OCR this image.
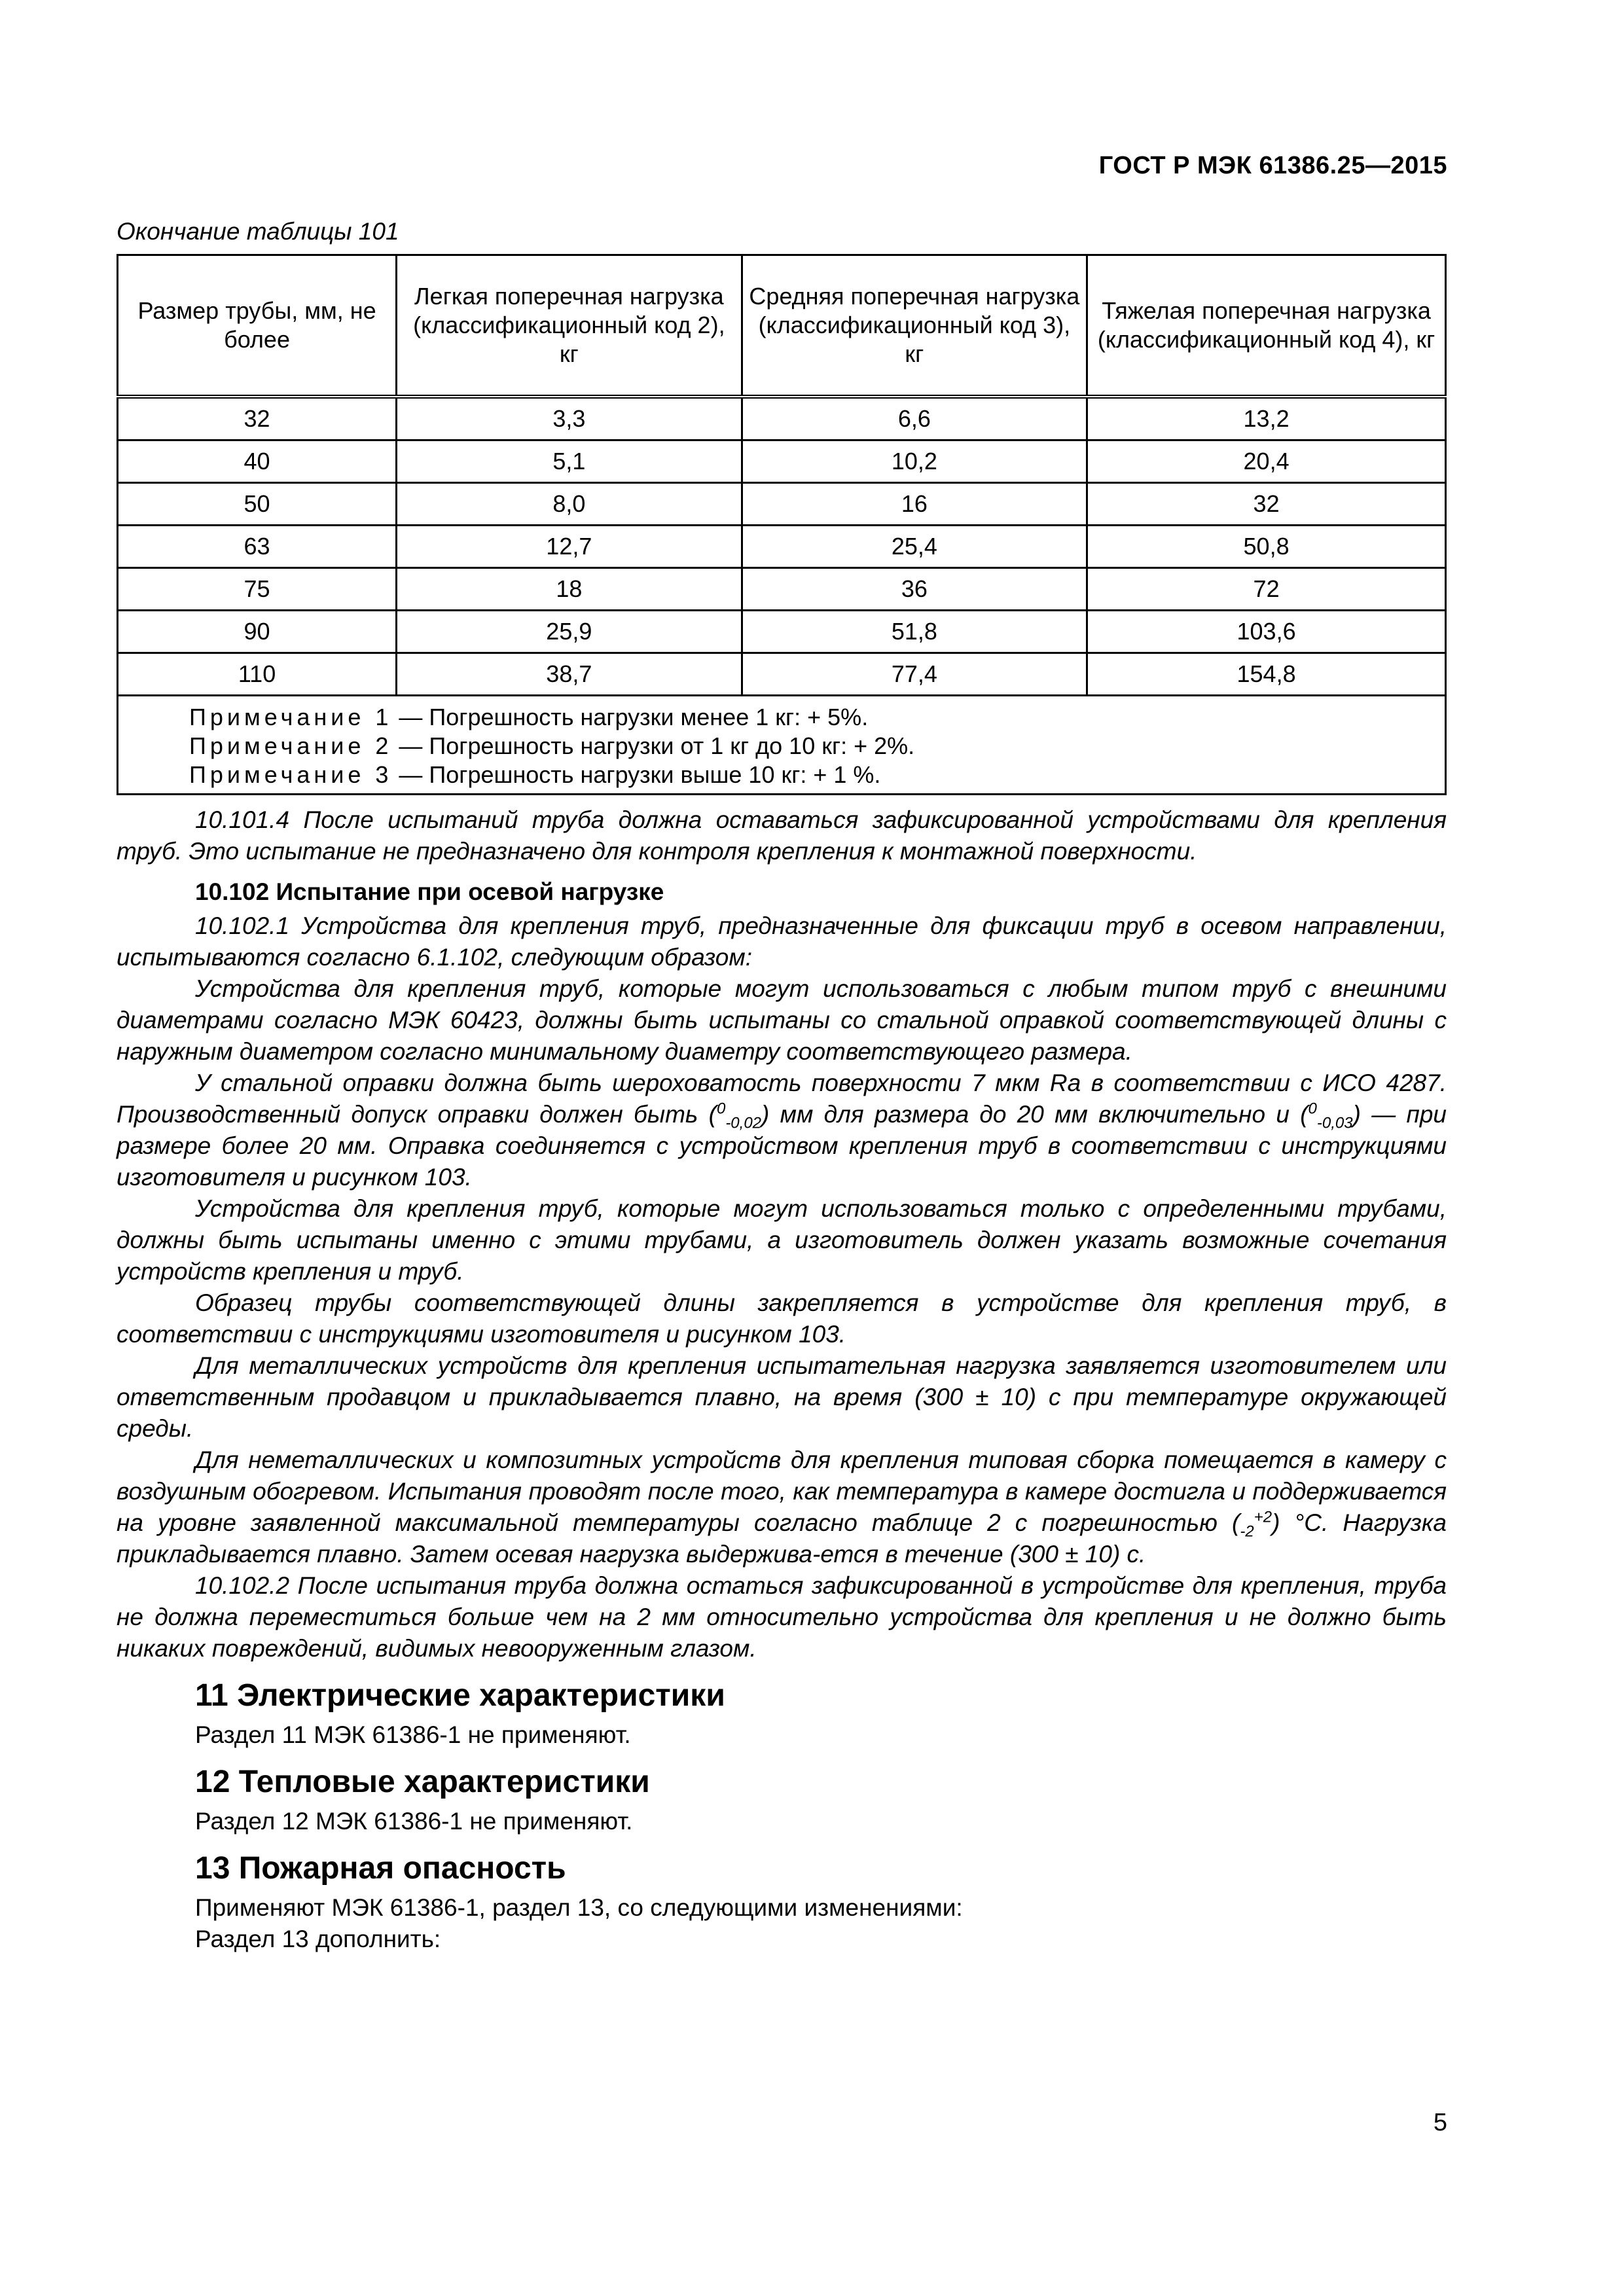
ГОСТ Р МЭК 61386.25—2015

Окончание таблицы 101

Размер трубы, мм, не более	Легкая поперечная нагрузка (классификационный код 2), кг	Средняя поперечная нагрузка (классификационный код 3), кг	Тяжелая поперечная нагрузка (классификационный код 4), кг
32	3,3	6,6	13,2
40	5,1	10,2	20,4
50	8,0	16	32
63	12,7	25,4	50,8
75	18	36	72
90	25,9	51,8	103,6
110	38,7	77,4	154,8

Примечание 1 — Погрешность нагрузки менее 1 кг: + 5%.
Примечание 2 — Погрешность нагрузки от 1 кг до 10 кг: + 2%.
Примечание 3 — Погрешность нагрузки выше 10 кг: + 1 %.			

10.101.4 После испытаний труба должна оставаться зафиксированной устройствами для крепления труб. Это испытание не предназначено для контроля крепления к монтажной поверхности.

10.102 Испытание при осевой нагрузке

10.102.1 Устройства для крепления труб, предназначенные для фиксации труб в осевом направлении, испытываются согласно 6.1.102, следующим образом:

Устройства для крепления труб, которые могут использоваться с любым типом труб с внешними диаметрами согласно МЭК 60423, должны быть испытаны со стальной оправкой соответствующей длины с наружным диаметром согласно минимальному диаметру соответствующего размера.

У стальной оправки должна быть шероховатость поверхности 7 мкм Ra в соответствии с ИСО 4287. Производственный допуск оправки должен быть ($^0_{-0,02}$) мм для размера до 20 мм включительно и ($^0_{-0,03}$) — при размере более 20 мм. Оправка соединяется с устройством крепления труб в соответствии с инструкциями изготовителя и рисунком 103.

Устройства для крепления труб, которые могут использоваться только с определенными трубами, должны быть испытаны именно с этими трубами, а изготовитель должен указать возможные сочетания устройств крепления и труб.

Образец трубы соответствующей длины закрепляется в устройстве для крепления труб, в соответствии с инструкциями изготовителя и рисунком 103.

Для металлических устройств для крепления испытательная нагрузка заявляется изготовителем или ответственным продавцом и прикладывается плавно, на время (300 ± 10) с при температуре окружающей среды.

Для неметаллических и композитных устройств для крепления типовая сборка помещается в камеру с воздушным обогревом. Испытания проводят после того, как температура в камере достигла и поддерживается на уровне заявленной максимальной температуры согласно таблице 2 с погрешностью $(_{-2}^{+2})$ °С. Нагрузка прикладывается плавно. Затем осевая нагрузка выдержива-ется в течение (300 ± 10) с.

10.102.2 После испытания труба должна остаться зафиксированной в устройстве для крепления, труба не должна переместиться больше чем на 2 мм относительно устройства для крепления и не должно быть никаких повреждений, видимых невооруженным глазом.

11 Электрические характеристики

Раздел 11 МЭК 61386-1 не применяют.

12 Тепловые характеристики

Раздел 12 МЭК 61386-1 не применяют.

13 Пожарная опасность

Применяют МЭК 61386-1, раздел 13, со следующими изменениями:

Раздел 13 дополнить:

5
